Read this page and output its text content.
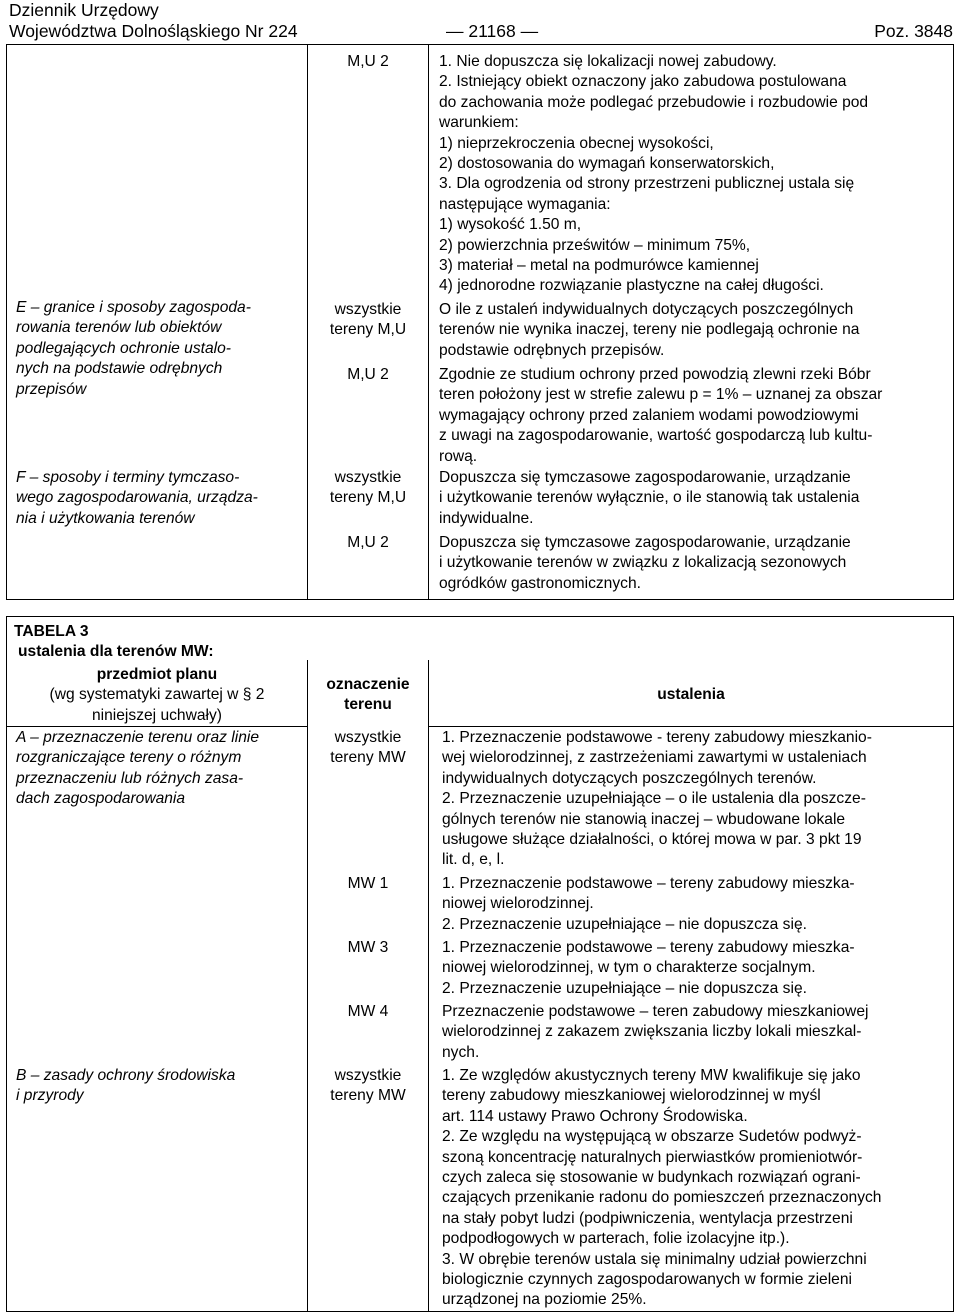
Dziennik Urzędowy
Województwa Dolnośląskiego Nr 224	— 21168 —	Poz. 3848
E – granice i sposoby zagospoda-
rowania terenów lub obiektów
podlegających ochronie ustalo-
nych na podstawie odrębnych
przepisów
F – sposoby i terminy tymczaso-
wego zagospodarowania, urządza-
nia i użytkowania terenów
M,U 2
wszystkie
tereny M,U
M,U 2
wszystkie
tereny M,U
M,U 2
1. Nie dopuszcza się lokalizacji nowej zabudowy.
2. Istniejący obiekt oznaczony jako zabudowa postulowana
do zachowania może podlegać przebudowie i rozbudowie pod
warunkiem:
1) nieprzekroczenia obecnej wysokości,
2) dostosowania do wymagań konserwatorskich,
3. Dla ogrodzenia od strony przestrzeni publicznej ustala się
następujące wymagania:
1) wysokość 1.50 m,
2) powierzchnia prześwitów – minimum 75%,
3) materiał – metal na podmurówce kamiennej
4) jednorodne rozwiązanie plastyczne na całej długości.
O ile z ustaleń indywidualnych dotyczących poszczególnych
terenów nie wynika inaczej, tereny nie podlegają ochronie na
podstawie odrębnych przepisów.
Zgodnie ze studium ochrony przed powodzią zlewni rzeki Bóbr
teren położony jest w strefie zalewu p = 1% – uznanej za obszar
wymagający ochrony przed zalaniem wodami powodziowymi
z uwagi na zagospodarowanie, wartość gospodarczą lub kultu-
rową.
Dopuszcza się tymczasowe zagospodarowanie, urządzanie
i użytkowanie terenów wyłącznie, o ile stanowią tak ustalenia
indywidualne.
Dopuszcza się tymczasowe zagospodarowanie, urządzanie
i użytkowanie terenów w związku z lokalizacją sezonowych
ogródków gastronomicznych.
TABELA 3
ustalenia dla terenów MW:
przedmiot planu
(wg systematyki zawartej w § 2
niniejszej uchwały)
oznaczenie
terenu
ustalenia
A – przeznaczenie terenu oraz linie
rozgraniczające tereny o różnym
przeznaczeniu lub różnych zasa-
dach zagospodarowania
B – zasady ochrony środowiska
i przyrody
wszystkie
tereny MW
MW 1
MW 3
MW 4
wszystkie
tereny MW
1. Przeznaczenie podstawowe - tereny zabudowy mieszkanio-
wej wielorodzinnej, z zastrzeżeniami zawartymi w ustaleniach
indywidualnych dotyczących poszczególnych terenów.
2. Przeznaczenie uzupełniające – o ile ustalenia dla poszcze-
gólnych terenów nie stanowią inaczej – wbudowane lokale
usługowe służące działalności, o której mowa w par. 3 pkt 19
lit. d, e, l.
1. Przeznaczenie podstawowe – tereny zabudowy mieszka-
niowej wielorodzinnej.
2. Przeznaczenie uzupełniające – nie dopuszcza się.
1. Przeznaczenie podstawowe – tereny zabudowy mieszka-
niowej wielorodzinnej, w tym o charakterze socjalnym.
2. Przeznaczenie uzupełniające – nie dopuszcza się.
Przeznaczenie podstawowe – teren zabudowy mieszkaniowej
wielorodzinnej z zakazem zwiększania liczby lokali mieszkal-
nych.
1. Ze względów akustycznych tereny MW kwalifikuje się jako
tereny zabudowy mieszkaniowej wielorodzinnej w myśl
art. 114 ustawy Prawo Ochrony Środowiska.
2. Ze względu na występującą w obszarze Sudetów podwyż-
szoną koncentrację naturalnych pierwiastków promieniotwór-
czych zaleca się stosowanie w budynkach rozwiązań ograni-
czających przenikanie radonu do pomieszczeń przeznaczonych
na stały pobyt ludzi (podpiwniczenia, wentylacja przestrzeni
podpodłogowych w parterach, folie izolacyjne itp.).
3. W obrębie terenów ustala się minimalny udział powierzchni
biologicznie czynnych zagospodarowanych w formie zieleni
urządzonej na poziomie 25%.
